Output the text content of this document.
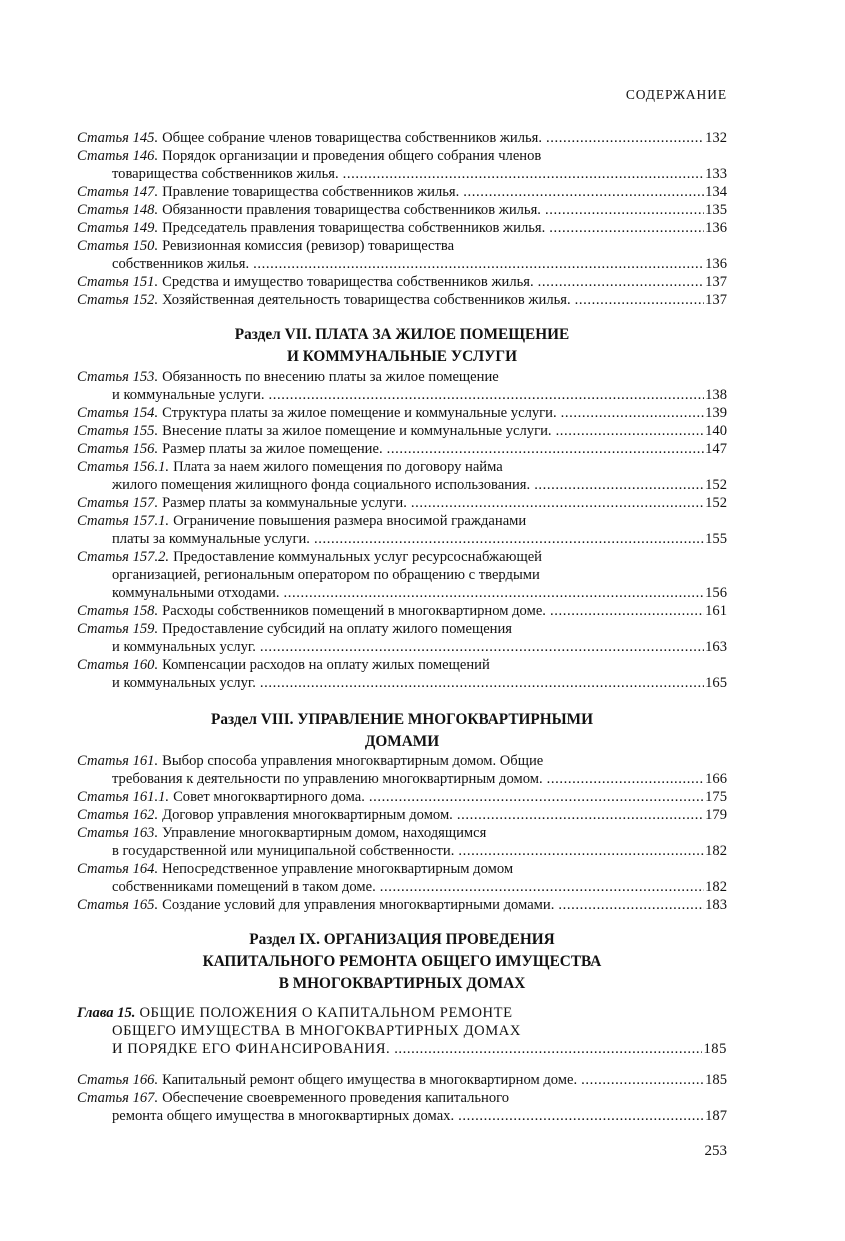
СОДЕРЖАНИЕ
Статья 145. Общее собрание членов товарищества собственников жилья. .....	132
Статья 146. Порядок организации и проведения общего собрания членов
товарищества собственников жилья. .....	133
Статья 147. Правление товарищества собственников жилья. .....	134
Статья 148. Обязанности правления товарищества собственников жилья. .....	135
Статья 149. Председатель правления товарищества собственников жилья. .....	136
Статья 150. Ревизионная комиссия (ревизор) товарищества
собственников жилья. .....	136
Статья 151. Средства и имущество товарищества собственников жилья. .....	137
Статья 152. Хозяйственная деятельность товарищества собственников жилья. .....	137
Раздел VII. ПЛАТА ЗА ЖИЛОЕ ПОМЕЩЕНИЕ
И КОММУНАЛЬНЫЕ УСЛУГИ
Статья 153. Обязанность по внесению платы за жилое помещение
и коммунальные услуги. .....	138
Статья 154. Структура платы за жилое помещение и коммунальные услуги. .....	139
Статья 155. Внесение платы за жилое помещение и коммунальные услуги. .....	140
Статья 156. Размер платы за жилое помещение. .....	147
Статья 156.1. Плата за наем жилого помещения по договору найма
жилого помещения жилищного фонда социального использования. .....	152
Статья 157. Размер платы за коммунальные услуги. .....	152
Статья 157.1. Ограничение повышения размера вносимой гражданами
платы за коммунальные услуги. .....	155
Статья 157.2. Предоставление коммунальных услуг ресурсоснабжающей
организацией, региональным оператором по обращению с твердыми
коммунальными отходами. .....	156
Статья 158. Расходы собственников помещений в многоквартирном доме. .....	161
Статья 159. Предоставление субсидий на оплату жилого помещения
и коммунальных услуг. .....	163
Статья 160. Компенсации расходов на оплату жилых помещений
и коммунальных услуг. .....	165
Раздел VIII. УПРАВЛЕНИЕ МНОГОКВАРТИРНЫМИ
ДОМАМИ
Статья 161. Выбор способа управления многоквартирным домом. Общие
требования к деятельности по управлению многоквартирным домом. .....	166
Статья 161.1. Совет многоквартирного дома. .....	175
Статья 162. Договор управления многоквартирным домом. .....	179
Статья 163. Управление многоквартирным домом, находящимся
в государственной или муниципальной собственности. .....	182
Статья 164. Непосредственное управление многоквартирным домом
собственниками помещений в таком доме. .....	182
Статья 165. Создание условий для управления многоквартирными домами. .....	183
Раздел IX. ОРГАНИЗАЦИЯ ПРОВЕДЕНИЯ
КАПИТАЛЬНОГО РЕМОНТА ОБЩЕГО ИМУЩЕСТВА
В МНОГОКВАРТИРНЫХ ДОМАХ
Глава 15. ОБЩИЕ ПОЛОЖЕНИЯ О КАПИТАЛЬНОМ РЕМОНТЕ
ОБЩЕГО ИМУЩЕСТВА В МНОГОКВАРТИРНЫХ ДОМАХ
И ПОРЯДКЕ ЕГО ФИНАНСИРОВАНИЯ. .....	185
Статья 166. Капитальный ремонт общего имущества в многоквартирном доме. .....	185
Статья 167. Обеспечение своевременного проведения капитального
ремонта общего имущества в многоквартирных домах. .....	187
253
